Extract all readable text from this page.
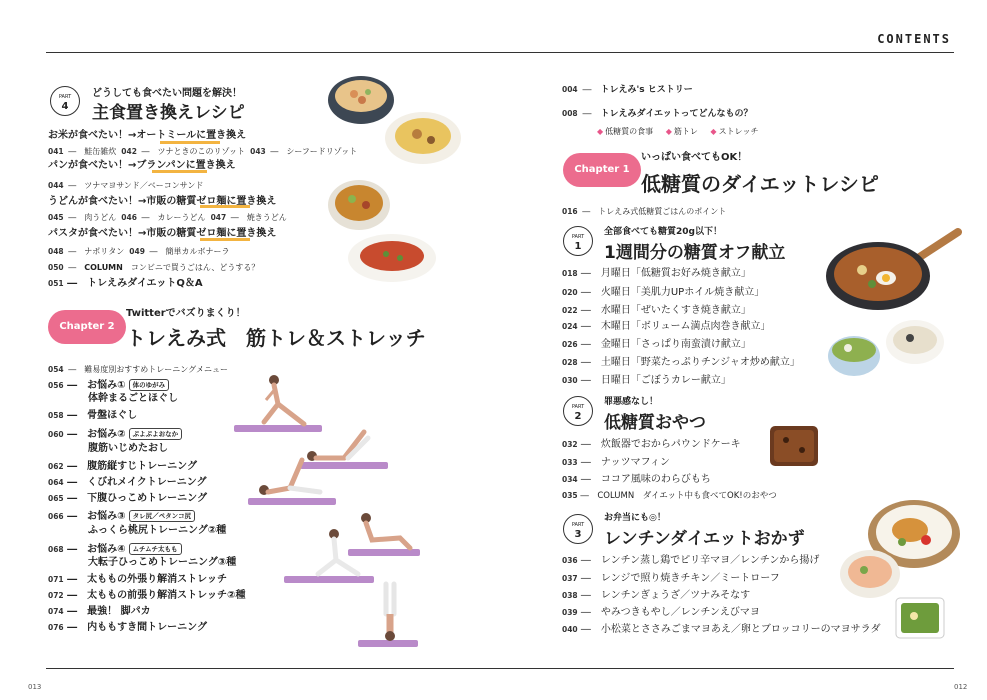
CONTENTS
PART
4
どうしても食べたい問題を解決！
主食置き換えレシピ
お米が食べたい！→オートミールに置き換え
041 ―　鮭缶雑炊 042 ―　ツナときのこのリゾット 043 ―　シーフードリゾット
パンが食べたい！→ブランパンに置き換え
044 ―　ツナマヨサンド／ベーコンサンド
うどんが食べたい！→市販の糖質ゼロ麺に置き換え
045 ―　肉うどん 046 ―　カレーうどん 047 ―　焼きうどん
パスタが食べたい！→市販の糖質ゼロ麺に置き換え
048 ―　ナポリタン 049 ―　簡単カルボナーラ
050 ―　COLUMN　 コンビニで買うごはん、どうする？
051 ―　トレえみダイエットQ＆A
Chapter 2
Twitterでバズりまくり！
トレえみ式　筋トレ＆ストレッチ
054 ―　難易度別おすすめトレーニングメニュー
056 ―　お悩み① 体のゆがみ
体幹まるごとほぐし
058 ―　骨盤ほぐし
060 ―　お悩み② ぷよぷよおなか
腹筋いじめたおし
062 ―　腹筋縦すじトレーニング
064 ―　くびれメイクトレーニング
065 ―　下腹ひっこめトレーニング
066 ―　お悩み③ タレ尻／ペタンコ尻
ふっくら桃尻トレーニング②種
068 ―　お悩み④ ムチムチ太もも
大転子ひっこめトレーニング③種
071 ―　太ももの外張り解消ストレッチ
072 ―　太ももの前張り解消ストレッチ②種
074 ―　最強！ 脚パカ
076 ―　内ももすき間トレーニング
004 ―　トレえみ's ヒストリー
008 ―　トレえみダイエットってどんなもの？
◆ 低糖質の食事 ◆ 筋トレ ◆ ストレッチ
Chapter 1
いっぱい食べてもOK！
低糖質のダイエットレシピ
016 ―　トレえみ式低糖質ごはんのポイント
PART
1
全部食べても糖質20g以下！
1週間分の糖質オフ献立
018 ―　月曜日「低糖質お好み焼き献立」
020 ―　火曜日「美肌力UPホイル焼き献立」
022 ―　水曜日「ぜいたくすき焼き献立」
024 ―　木曜日「ボリューム満点肉巻き献立」
026 ―　金曜日「さっぱり南蛮漬け献立」
028 ―　土曜日「野菜たっぷりチンジャオ炒め献立」
030 ―　日曜日「ごぼうカレー献立」
PART
2
罪悪感なし！
低糖質おやつ
032 ―　炊飯器でおからパウンドケーキ
033 ―　ナッツマフィン
034 ―　ココア風味のわらびもち
035 ―　COLUMN　ダイエット中も食べてOK!のおやつ
PART
3
お弁当にも◎！
レンチンダイエットおかず
036 ―　レンチン蒸し鶏でピリ辛マヨ／レンチンから揚げ
037 ―　レンジで照り焼きチキン／ミートローフ
038 ―　レンチンぎょうざ／ツナみそなす
039 ―　やみつきもやし／レンチンえびマヨ
040 ―　小松菜とささみごまマヨあえ／卵とブロッコリーのマヨサラダ
013	012
